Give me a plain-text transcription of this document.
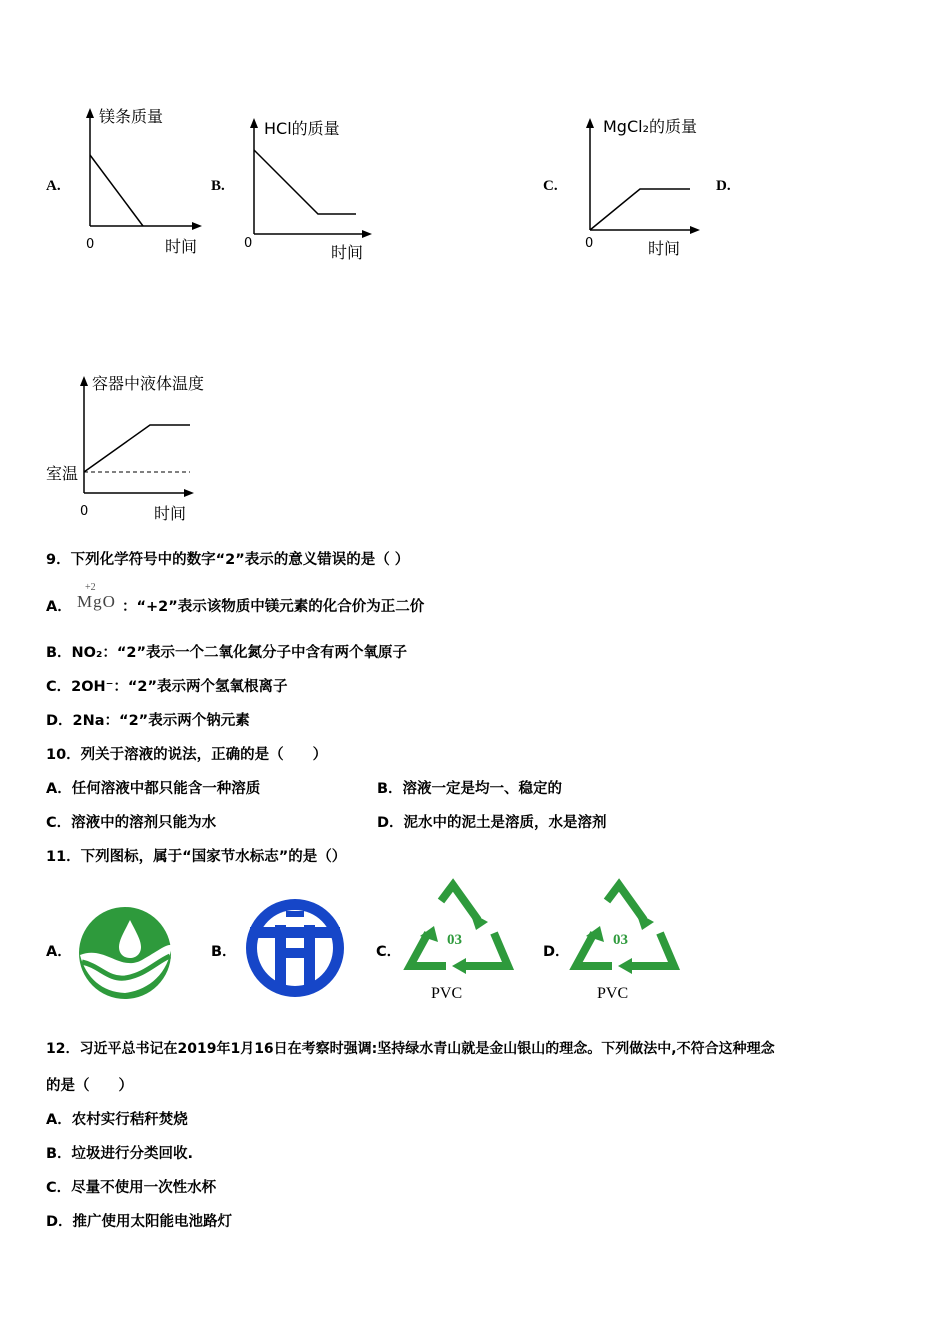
A.	B.	C.	D.
镁条质量
0	时间
HCl的质量
0	时间
MgCl₂的质量
0	时间
容器中液体温度
室温
0	时间
9．下列化学符号中的数字“2”表示的意义错误的是（ ）
A．
+2
MgO ：“+2”表示该物质中镁元素的化合价为正二价
B．NO₂：“2”表示一个二氧化氮分子中含有两个氧原子
C．2OH⁻：“2”表示两个氢氧根离子
D．2Na：“2”表示两个钠元素
10．列关于溶液的说法，正确的是（　　）
A．任何溶液中都只能含一种溶质	B．溶液一定是均一、稳定的
C．溶液中的溶剂只能为水	D．泥水中的泥土是溶质，水是溶剂
11．下列图标，属于“国家节水标志”的是（）
A．	B．	C．	D．
03
PVC
03
PVC
12．习近平总书记在2019年1月16日在考察时强调:坚持绿水青山就是金山银山的理念。下列做法中,不符合这种理念
的是（　　）
A．农村实行秸秆焚烧
B．垃圾进行分类回收.
C．尽量不使用一次性水杯
D．推广使用太阳能电池路灯
